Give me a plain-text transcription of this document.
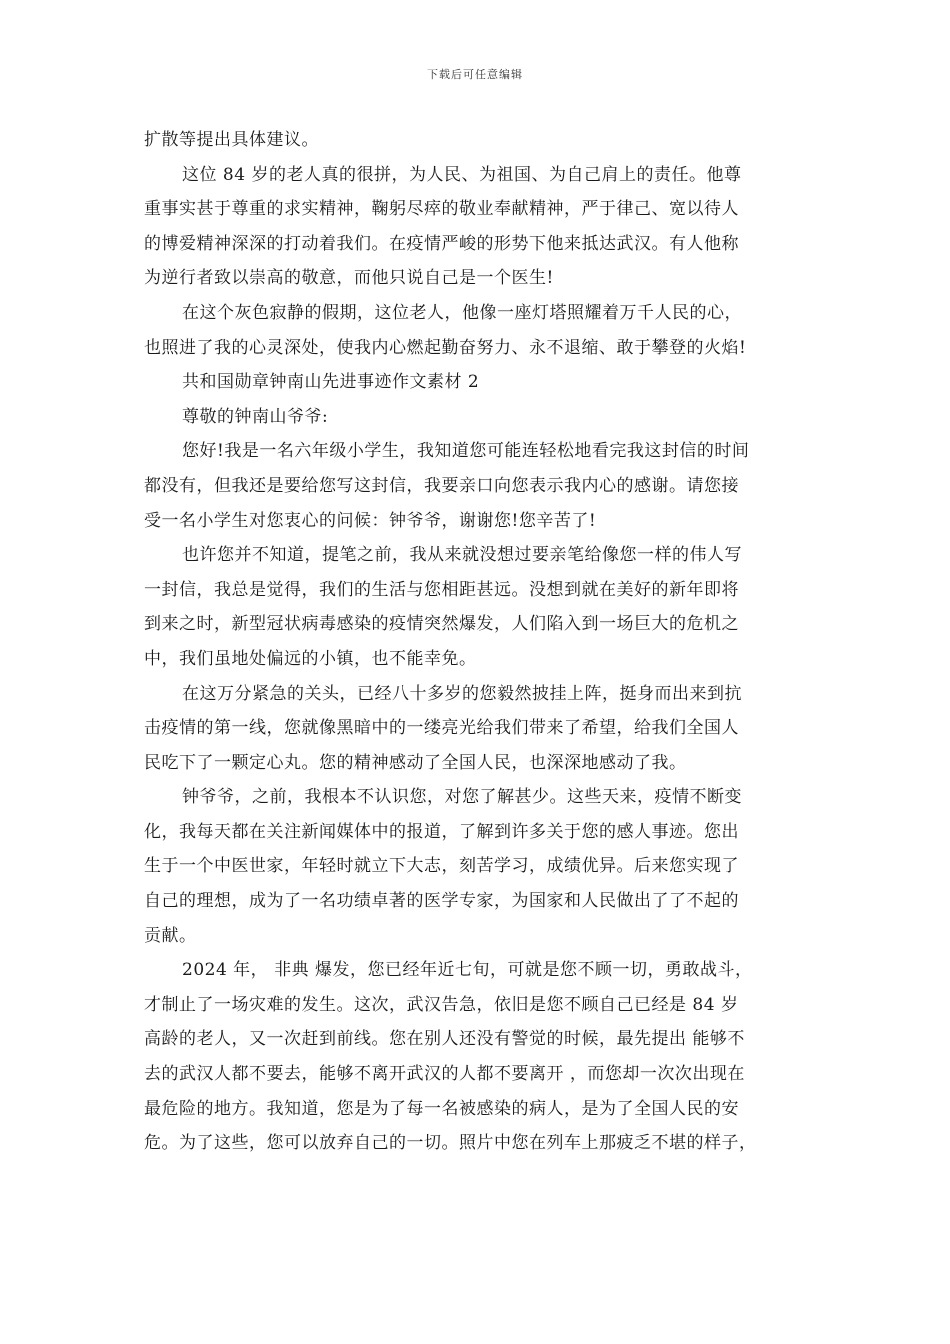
下载后可任意编辑
扩散等提出具体建议。
这位 84 岁的老人真的很拼，为人民、为祖国、为自己肩上的责任。他尊
重事实甚于尊重的求实精神，鞠躬尽瘁的敬业奉献精神，严于律己、宽以待人
的博爱精神深深的打动着我们。在疫情严峻的形势下他来抵达武汉。有人他称
为逆行者致以崇高的敬意，而他只说自己是一个医生!
在这个灰色寂静的假期，这位老人，他像一座灯塔照耀着万千人民的心，
也照进了我的心灵深处，使我内心燃起勤奋努力、永不退缩、敢于攀登的火焰!
共和国勋章钟南山先进事迹作文素材 2
尊敬的钟南山爷爷:
您好!我是一名六年级小学生，我知道您可能连轻松地看完我这封信的时间
都没有，但我还是要给您写这封信，我要亲口向您表示我内心的感谢。请您接
受一名小学生对您衷心的问候：钟爷爷，谢谢您!您辛苦了!
也许您并不知道，提笔之前，我从来就没想过要亲笔给像您一样的伟人写
一封信，我总是觉得，我们的生活与您相距甚远。没想到就在美好的新年即将
到来之时，新型冠状病毒感染的疫情突然爆发，人们陷入到一场巨大的危机之
中，我们虽地处偏远的小镇，也不能幸免。
在这万分紧急的关头，已经八十多岁的您毅然披挂上阵，挺身而出来到抗
击疫情的第一线，您就像黑暗中的一缕亮光给我们带来了希望，给我们全国人
民吃下了一颗定心丸。您的精神感动了全国人民，也深深地感动了我。
钟爷爷，之前，我根本不认识您，对您了解甚少。这些天来，疫情不断变
化，我每天都在关注新闻媒体中的报道，了解到许多关于您的感人事迹。您出
生于一个中医世家，年轻时就立下大志，刻苦学习，成绩优异。后来您实现了
自己的理想，成为了一名功绩卓著的医学专家，为国家和人民做出了了不起的
贡献。
2024 年， 非典 爆发，您已经年近七旬，可就是您不顾一切，勇敢战斗，
才制止了一场灾难的发生。这次，武汉告急，依旧是您不顾自己已经是 84 岁
高龄的老人，又一次赶到前线。您在别人还没有警觉的时候，最先提出 能够不
去的武汉人都不要去，能够不离开武汉的人都不要离开 ，而您却一次次出现在
最危险的地方。我知道，您是为了每一名被感染的病人，是为了全国人民的安
危。为了这些，您可以放弃自己的一切。照片中您在列车上那疲乏不堪的样子，
